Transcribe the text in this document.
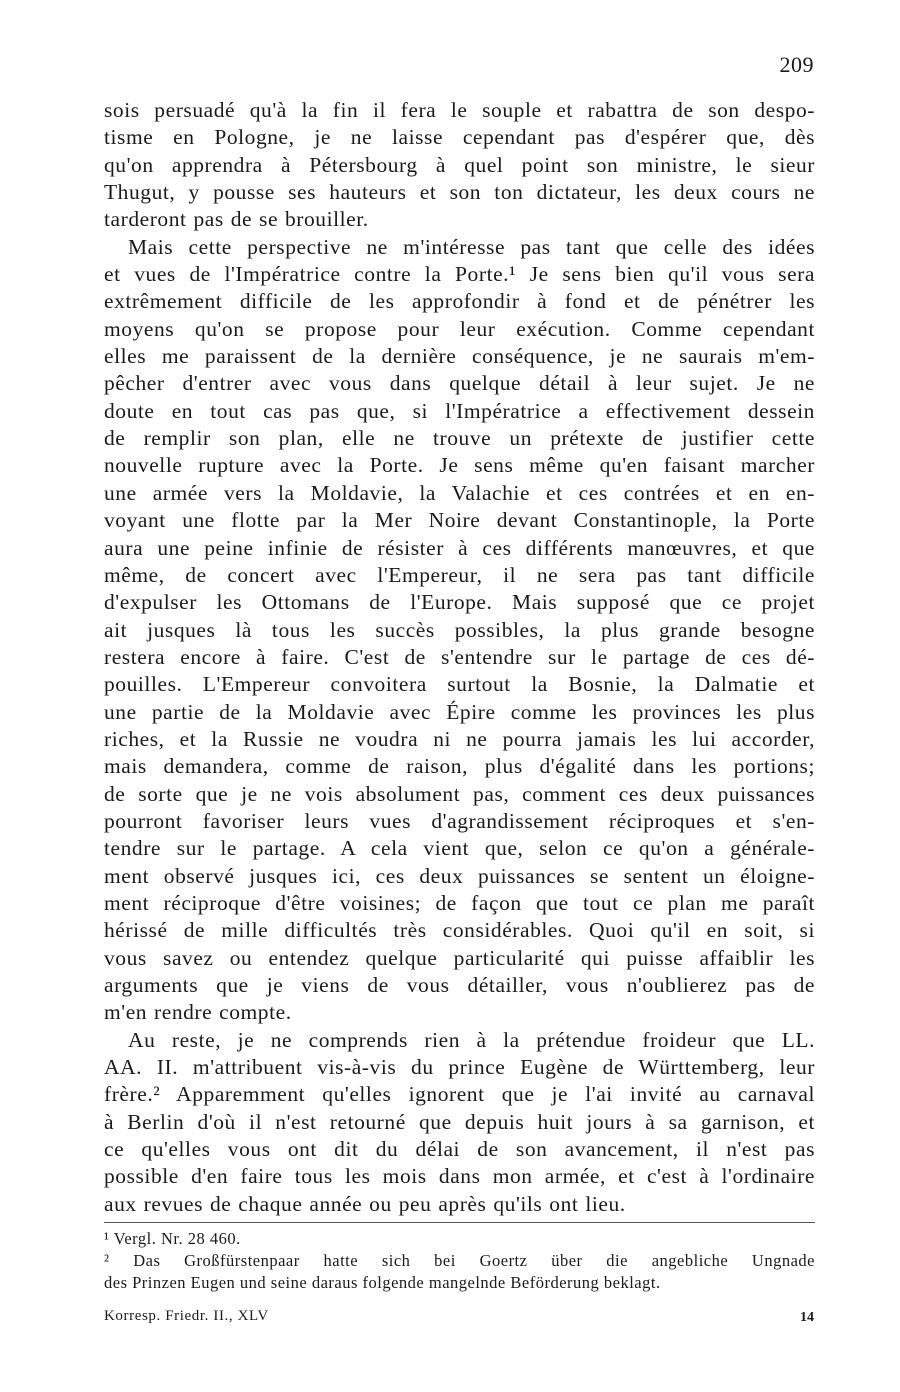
209
sois persuadé qu'à la fin il fera le souple et rabattra de son despo-
tisme en Pologne, je ne laisse cependant pas d'espérer que, dès
qu'on apprendra à Pétersbourg à quel point son ministre, le sieur
Thugut, y pousse ses hauteurs et son ton dictateur, les deux cours ne
tarderont pas de se brouiller.
Mais cette perspective ne m'intéresse pas tant que celle des idées
et vues de l'Impératrice contre la Porte.¹ Je sens bien qu'il vous sera
extrêmement difficile de les approfondir à fond et de pénétrer les
moyens qu'on se propose pour leur exécution. Comme cependant
elles me paraissent de la dernière conséquence, je ne saurais m'em-
pêcher d'entrer avec vous dans quelque détail à leur sujet. Je ne
doute en tout cas pas que, si l'Impératrice a effectivement dessein
de remplir son plan, elle ne trouve un prétexte de justifier cette
nouvelle rupture avec la Porte. Je sens même qu'en faisant marcher
une armée vers la Moldavie, la Valachie et ces contrées et en en-
voyant une flotte par la Mer Noire devant Constantinople, la Porte
aura une peine infinie de résister à ces différents manœuvres, et que
même, de concert avec l'Empereur, il ne sera pas tant difficile
d'expulser les Ottomans de l'Europe. Mais supposé que ce projet
ait jusques là tous les succès possibles, la plus grande besogne
restera encore à faire. C'est de s'entendre sur le partage de ces dé-
pouilles. L'Empereur convoitera surtout la Bosnie, la Dalmatie et
une partie de la Moldavie avec Épire comme les provinces les plus
riches, et la Russie ne voudra ni ne pourra jamais les lui accorder,
mais demandera, comme de raison, plus d'égalité dans les portions;
de sorte que je ne vois absolument pas, comment ces deux puissances
pourront favoriser leurs vues d'agrandissement réciproques et s'en-
tendre sur le partage. A cela vient que, selon ce qu'on a générale-
ment observé jusques ici, ces deux puissances se sentent un éloigne-
ment réciproque d'être voisines; de façon que tout ce plan me paraît
hérissé de mille difficultés très considérables. Quoi qu'il en soit, si
vous savez ou entendez quelque particularité qui puisse affaiblir les
arguments que je viens de vous détailler, vous n'oublierez pas de
m'en rendre compte.
Au reste, je ne comprends rien à la prétendue froideur que LL.
AA. II. m'attribuent vis-à-vis du prince Eugène de Württemberg, leur
frère.² Apparemment qu'elles ignorent que je l'ai invité au carnaval
à Berlin d'où il n'est retourné que depuis huit jours à sa garnison, et
ce qu'elles vous ont dit du délai de son avancement, il n'est pas
possible d'en faire tous les mois dans mon armée, et c'est à l'ordinaire
aux revues de chaque année ou peu après qu'ils ont lieu.
¹ Vergl. Nr. 28 460.
² Das Großfürstenpaar hatte sich bei Goertz über die angebliche Ungnade
des Prinzen Eugen und seine daraus folgende mangelnde Beförderung beklagt.
Korresp. Friedr. II., XLV	14
